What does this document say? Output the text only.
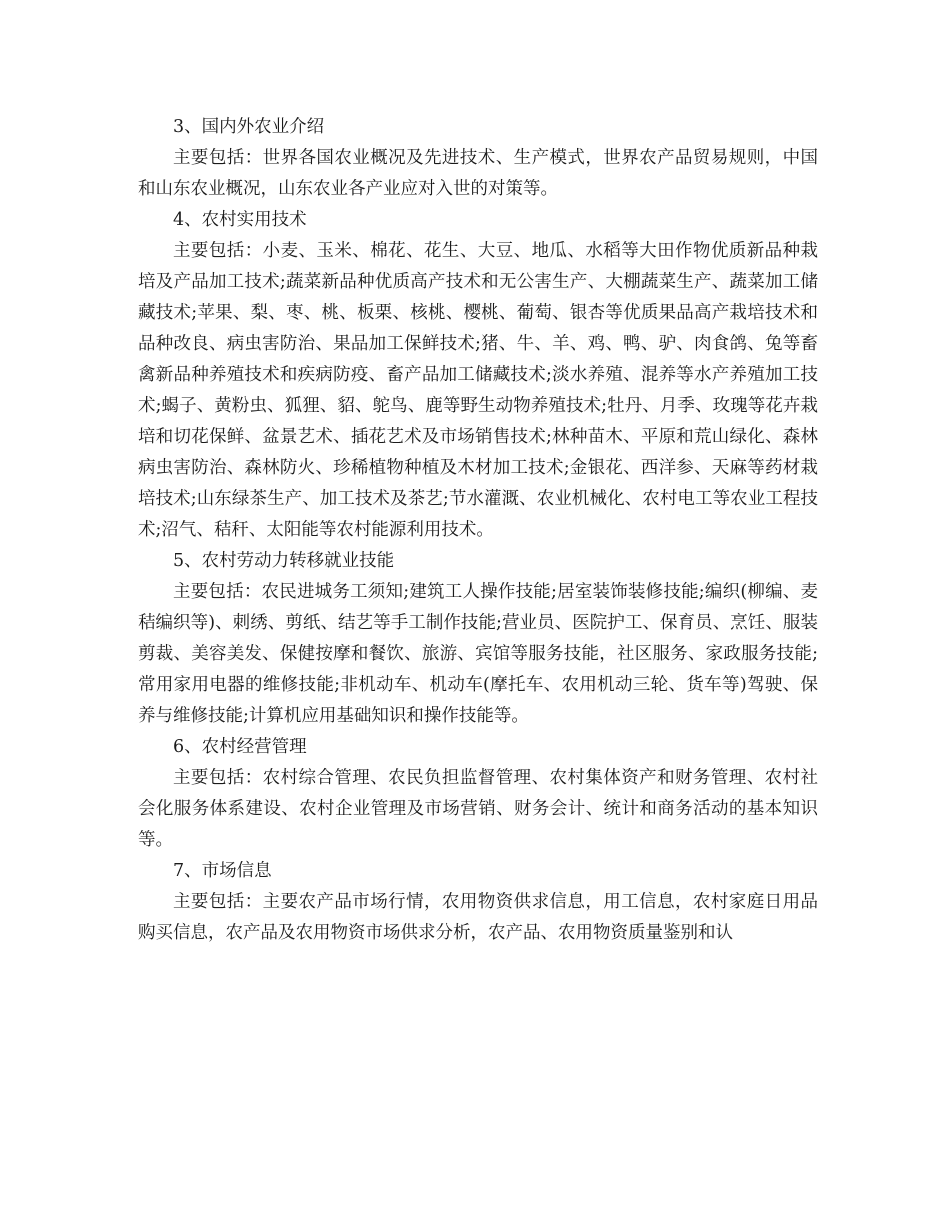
3、国内外农业介绍

主要包括：世界各国农业概况及先进技术、生产模式，世界农产品贸易规则，中国和山东农业概况，山东农业各产业应对入世的对策等。

4、农村实用技术

主要包括：小麦、玉米、棉花、花生、大豆、地瓜、水稻等大田作物优质新品种栽培及产品加工技术;蔬菜新品种优质高产技术和无公害生产、大棚蔬菜生产、蔬菜加工储藏技术;苹果、梨、枣、桃、板栗、核桃、樱桃、葡萄、银杏等优质果品高产栽培技术和品种改良、病虫害防治、果品加工保鲜技术;猪、牛、羊、鸡、鸭、驴、肉食鸽、兔等畜禽新品种养殖技术和疾病防疫、畜产品加工储藏技术;淡水养殖、混养等水产养殖加工技术;蝎子、黄粉虫、狐狸、貂、鸵鸟、鹿等野生动物养殖技术;牡丹、月季、玫瑰等花卉栽培和切花保鲜、盆景艺术、插花艺术及市场销售技术;林种苗木、平原和荒山绿化、森林病虫害防治、森林防火、珍稀植物种植及木材加工技术;金银花、西洋参、天麻等药材栽培技术;山东绿茶生产、加工技术及茶艺;节水灌溉、农业机械化、农村电工等农业工程技术;沼气、秸秆、太阳能等农村能源利用技术。

5、农村劳动力转移就业技能

主要包括：农民进城务工须知;建筑工人操作技能;居室装饰装修技能;编织(柳编、麦秸编织等)、刺绣、剪纸、结艺等手工制作技能;营业员、医院护工、保育员、烹饪、服装剪裁、美容美发、保健按摩和餐饮、旅游、宾馆等服务技能，社区服务、家政服务技能;常用家用电器的维修技能;非机动车、机动车(摩托车、农用机动三轮、货车等)驾驶、保养与维修技能;计算机应用基础知识和操作技能等。

6、农村经营管理

主要包括：农村综合管理、农民负担监督管理、农村集体资产和财务管理、农村社会化服务体系建设、农村企业管理及市场营销、财务会计、统计和商务活动的基本知识等。

7、市场信息

主要包括：主要农产品市场行情，农用物资供求信息，用工信息，农村家庭日用品购买信息，农产品及农用物资市场供求分析，农产品、农用物资质量鉴别和认
